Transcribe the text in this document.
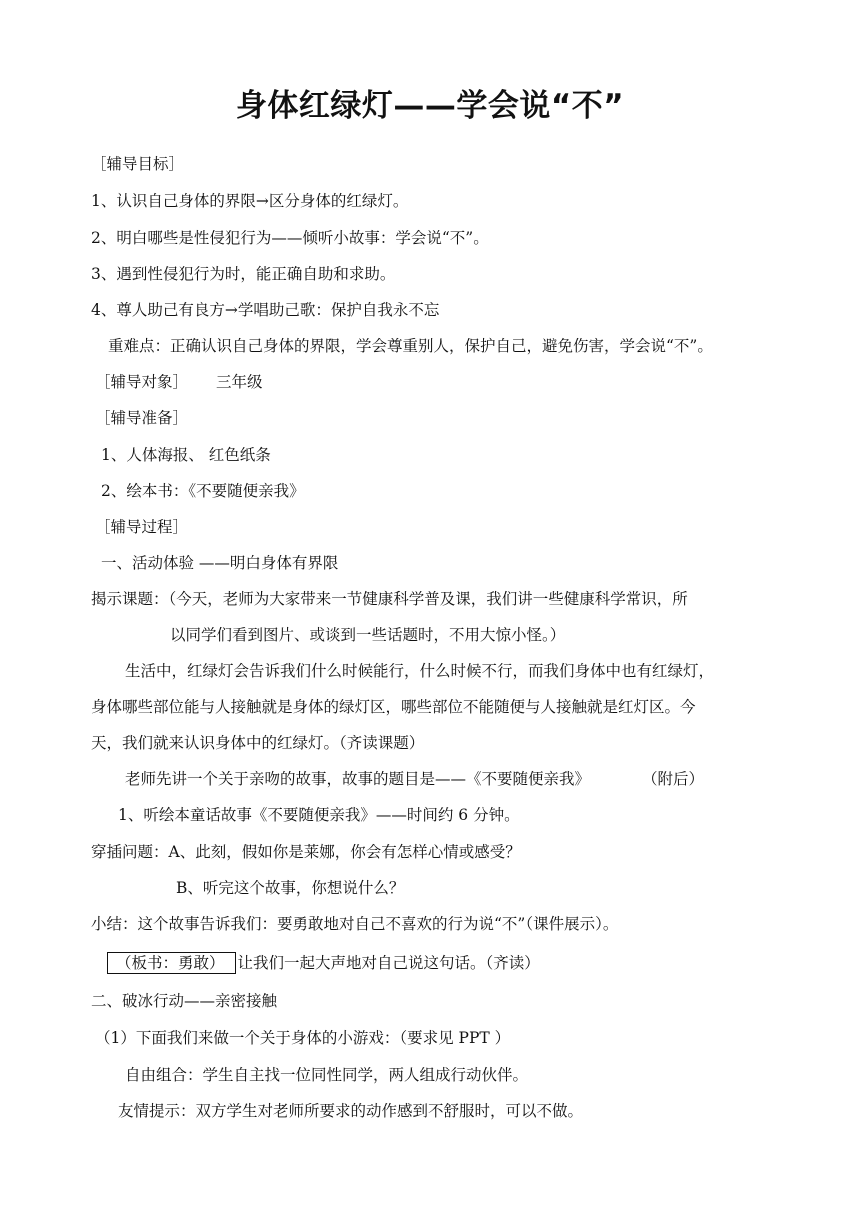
身体红绿灯——学会说“不”
［辅导目标］
1、认识自己身体的界限→区分身体的红绿灯。
2、明白哪些是性侵犯行为——倾听小故事：学会说“不”。
3、遇到性侵犯行为时，能正确自助和求助。
4、尊人助己有良方→学唱助己歌：保护自我永不忘
重难点：正确认识自己身体的界限，学会尊重别人，保护自己，避免伤害，学会说“不”。
［辅导对象］ 三年级
［辅导准备］
1、人体海报、 红色纸条
2、绘本书：《不要随便亲我》
［辅导过程］
一、活动体验 ——明白身体有界限
揭示课题：（今天，老师为大家带来一节健康科学普及课，我们讲一些健康科学常识，所
以同学们看到图片、或谈到一些话题时，不用大惊小怪。）
生活中，红绿灯会告诉我们什么时候能行，什么时候不行，而我们身体中也有红绿灯，
身体哪些部位能与人接触就是身体的绿灯区，哪些部位不能随便与人接触就是红灯区。今
天，我们就来认识身体中的红绿灯。（齐读课题）
老师先讲一个关于亲吻的故事，故事的题目是——《不要随便亲我》	（附后）
1、听绘本童话故事《不要随便亲我》——时间约 6 分钟。
穿插问题：A、此刻，假如你是莱娜，你会有怎样心情或感受？
B、听完这个故事，你想说什么？
小结：这个故事告诉我们：要勇敢地对自己不喜欢的行为说“不”（课件展示）。
（板书：勇敢） 让我们一起大声地对自己说这句话。（齐读）
二、破冰行动——亲密接触
（1）下面我们来做一个关于身体的小游戏：（要求见 PPT ）
自由组合：学生自主找一位同性同学，两人组成行动伙伴。
友情提示：双方学生对老师所要求的动作感到不舒服时，可以不做。
